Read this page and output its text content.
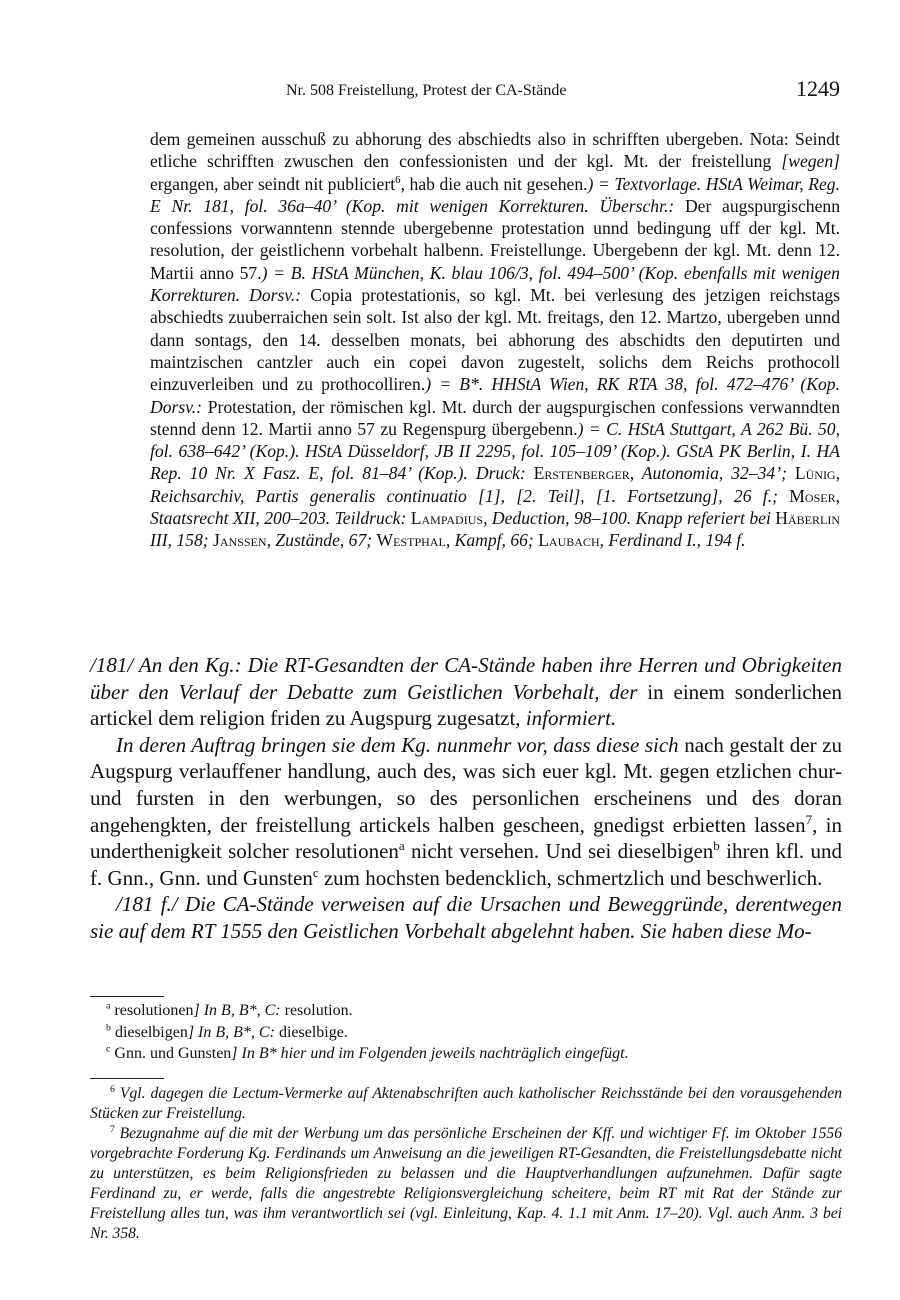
Nr. 508 Freistellung, Protest der CA-Stände	1249
dem gemeinen ausschuß zu abhorung des abschiedts also in schrifften ubergeben. Nota: Seindt etliche schrifften zwuschen den confessionisten und der kgl. Mt. der freistellung [wegen] ergangen, aber seindt nit publiciert$^6$, hab die auch nit gesehen.) = Textvorlage. HStA Weimar, Reg. E Nr. 181, fol. 36a–40’ (Kop. mit wenigen Korrekturen. Überschr.: Der augspurgischenn confessions vorwanntenn stennde ubergebenne protestation unnd bedingung uff der kgl. Mt. resolution, der geistlichenn vorbehalt halbenn. Freistellunge. Ubergebenn der kgl. Mt. denn 12. Martii anno 57.) = B. HStA München, K. blau 106/3, fol. 494–500’ (Kop. ebenfalls mit wenigen Korrekturen. Dorsv.: Copia protestationis, so kgl. Mt. bei verlesung des jetzigen reichstags abschiedts zuuberraichen sein solt. Ist also der kgl. Mt. freitags, den 12. Martzo, ubergeben unnd dann sontags, den 14. desselben monats, bei abhorung des abschidts den deputirten und maintzischen cantzler auch ein copei davon zugestelt, solichs dem Reichs prothocoll einzuverleiben und zu prothocolliren.) = B*. HHStA Wien, RK RTA 38, fol. 472–476’ (Kop. Dorsv.: Protestation, der römischen kgl. Mt. durch der augspurgischen confessions verwanndten stennd denn 12. Martii anno 57 zu Regenspurg übergebenn.) = C. HStA Stuttgart, A 262 Bü. 50, fol. 638–642’ (Kop.). HStA Düsseldorf, JB II 2295, fol. 105–109’ (Kop.). GStA PK Berlin, I. HA Rep. 10 Nr. X Fasz. E, fol. 81–84’ (Kop.). Druck: Erstenberger, Autonomia, 32–34’; Lünig, Reichsarchiv, Partis generalis continuatio [1], [2. Teil], [1. Fortsetzung], 26 f.; Moser, Staatsrecht XII, 200–203. Teildruck: Lampadius, Deduction, 98–100. Knapp referiert bei Häberlin III, 158; Janssen, Zustände, 67; Westphal, Kampf, 66; Laubach, Ferdinand I., 194 f.

/181/ An den Kg.: Die RT-Gesandten der CA-Stände haben ihre Herren und Obrigkeiten über den Verlauf der Debatte zum Geistlichen Vorbehalt, der in einem sonderlichen artickel dem religion friden zu Augspurg zugesatzt, informiert.

In deren Auftrag bringen sie dem Kg. nunmehr vor, dass diese sich nach gestalt der zu Augspurg verlauffener handlung, auch des, was sich euer kgl. Mt. gegen etzlichen chur- und fursten in den werbungen, so des personlichen erscheinens und des doran angehengkten, der freistellung artickels halben gescheen, gnedigst erbietten lassen$^7$, in underthenigkeit solcher resolutionen$^a$ nicht versehen. Und sei dieselbigen$^b$ ihren kfl. und f. Gnn., Gnn. und Gunsten$^c$ zum hochsten bedencklich, schmertzlich und beschwerlich.

/181 f./ Die CA-Stände verweisen auf die Ursachen und Beweggründe, derentwegen sie auf dem RT 1555 den Geistlichen Vorbehalt abgelehnt haben. Sie haben diese Mo-

$^a$ resolutionen] In B, B*, C: resolution.

$^b$ dieselbigen] In B, B*, C: dieselbige.

$^c$ Gnn. und Gunsten] In B* hier und im Folgenden jeweils nachträglich eingefügt.

$^6$ Vgl. dagegen die Lectum-Vermerke auf Aktenabschriften auch katholischer Reichsstände bei den vorausgehenden Stücken zur Freistellung.

$^7$ Bezugnahme auf die mit der Werbung um das persönliche Erscheinen der Kff. und wichtiger Ff. im Oktober 1556 vorgebrachte Forderung Kg. Ferdinands um Anweisung an die jeweiligen RT-Gesandten, die Freistellungsdebatte nicht zu unterstützen, es beim Religionsfrieden zu belassen und die Hauptverhandlungen aufzunehmen. Dafür sagte Ferdinand zu, er werde, falls die angestrebte Religionsvergleichung scheitere, beim RT mit Rat der Stände zur Freistellung alles tun, was ihm verantwortlich sei (vgl. Einleitung, Kap. 4. 1.1 mit Anm. 17–20). Vgl. auch Anm. 3 bei Nr. 358.
